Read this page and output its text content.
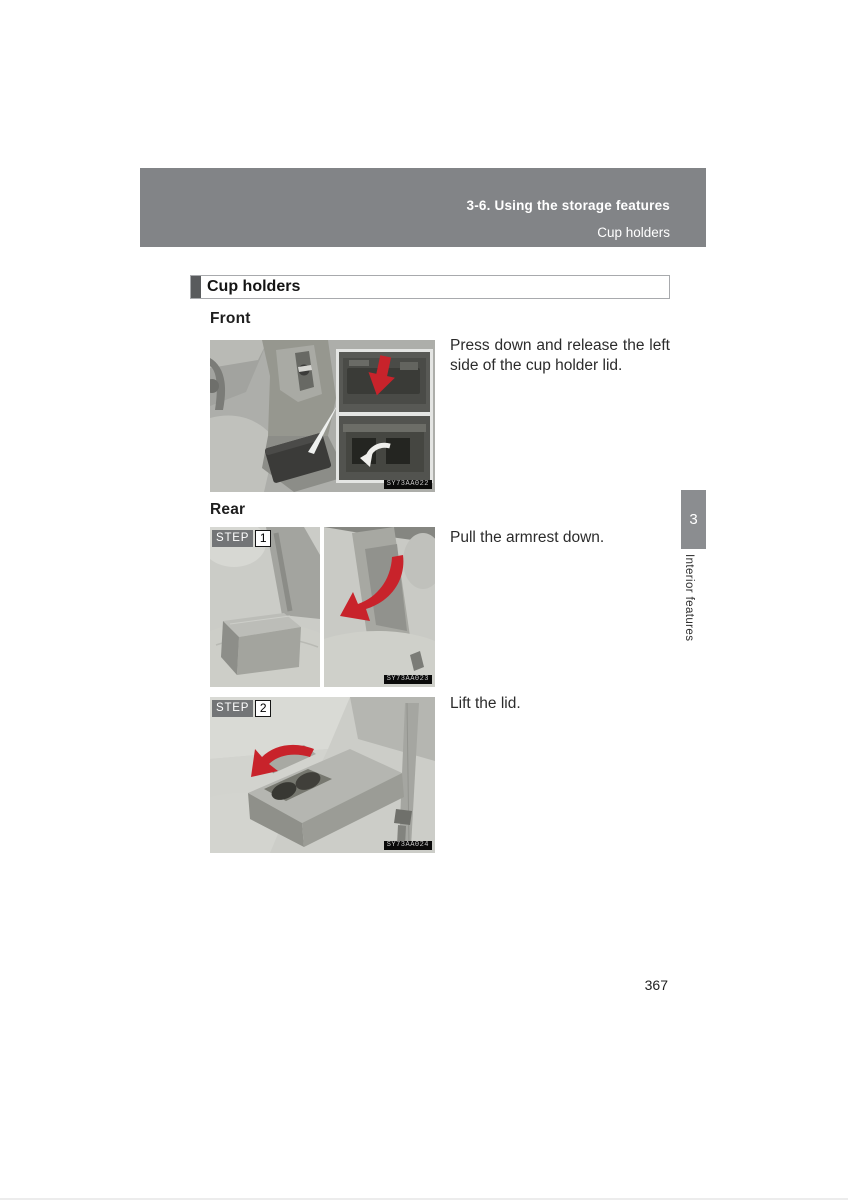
3-6. Using the storage features
Cup holders
Cup holders
Front
SY73AA022

Press down and release the left side of the cup holder lid.

Rear
STEP 1
SY73AA023

Pull the armrest down.

STEP 2
SY73AA024

Lift the lid.

3
Interior features
367
